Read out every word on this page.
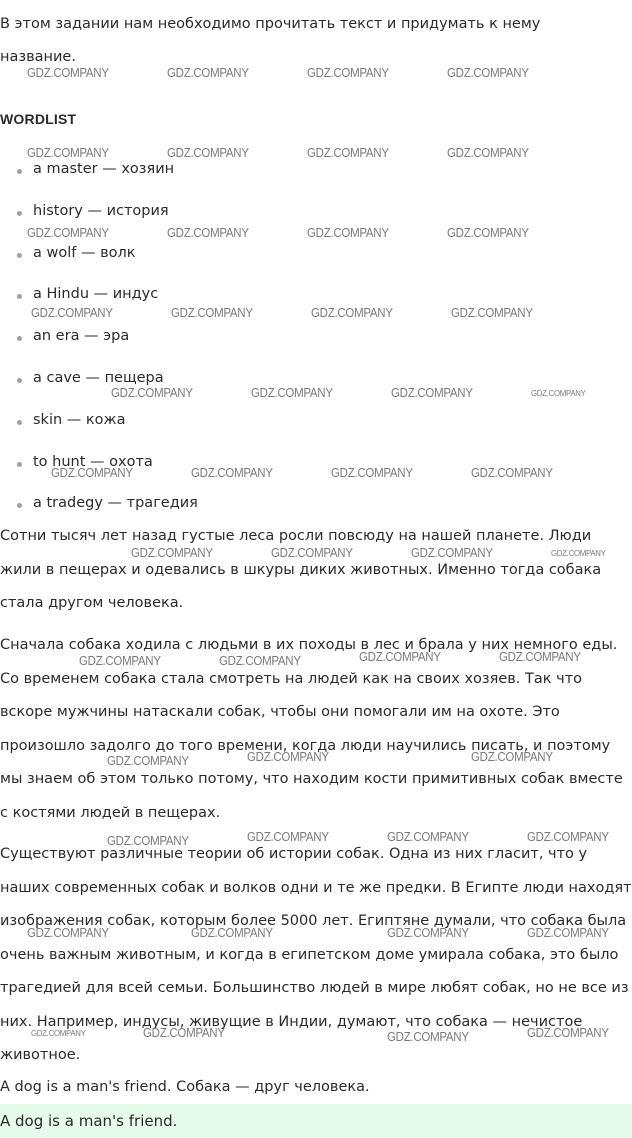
В этом задании нам необходимо прочитать текст и придумать к нему название.
WORDLIST
a master — хозяин
history — история
a wolf — волк
a Hindu — индус
an era — эра
a cave — пещера
skin — кожа
to hunt — охота
a tradegy — трагедия
Сотни тысяч лет назад густые леса росли повсюду на нашей планете. Люди жили в пещерах и одевались в шкуры диких животных. Именно тогда собака стала другом человека.
Сначала собака ходила с людьми в их походы в лес и брала у них немного еды. Со временем собака стала смотреть на людей как на своих хозяев. Так что вскоре мужчины натаскали собак, чтобы они помогали им на охоте. Это произошло задолго до того времени, когда люди научились писать, и поэтому мы знаем об этом только потому, что находим кости примитивных собак вместе с костями людей в пещерах.
Существуют различные теории об истории собак. Одна из них гласит, что у наших современных собак и волков одни и те же предки. В Египте люди находят изображения собак, которым более 5000 лет. Египтяне думали, что собака была очень важным животным, и когда в египетском доме умирала собака, это было трагедией для всей семьи. Большинство людей в мире любят собак, но не все из них. Например, индусы, живущие в Индии, думают, что собака — нечистое животное.
A dog is a man's friend. Собака — друг человека.
A dog is a man's friend.
GDZ.COMPANY	GDZ.COMPANY	GDZ.COMPANY	GDZ.COMPANY
GDZ.COMPANY	GDZ.COMPANY	GDZ.COMPANY	GDZ.COMPANY
GDZ.COMPANY	GDZ.COMPANY	GDZ.COMPANY	GDZ.COMPANY
GDZ.COMPANY	GDZ.COMPANY	GDZ.COMPANY	GDZ.COMPANY
GDZ.COMPANY	GDZ.COMPANY	GDZ.COMPANY	GDZ.COMPANY
GDZ.COMPANY	GDZ.COMPANY	GDZ.COMPANY	GDZ.COMPANY
GDZ.COMPANY	GDZ.COMPANY	GDZ.COMPANY	GDZ.COMPANY
GDZ.COMPANY	GDZ.COMPANY	GDZ.COMPANY	GDZ.COMPANY
GDZ.COMPANY	GDZ.COMPANY	GDZ.COMPANY
GDZ.COMPANY	GDZ.COMPANY	GDZ.COMPANY	GDZ.COMPANY
GDZ.COMPANY	GDZ.COMPANY	GDZ.COMPANY	GDZ.COMPANY
GDZ.COMPANY	GDZ.COMPANY	GDZ.COMPANY	GDZ.COMPANY
